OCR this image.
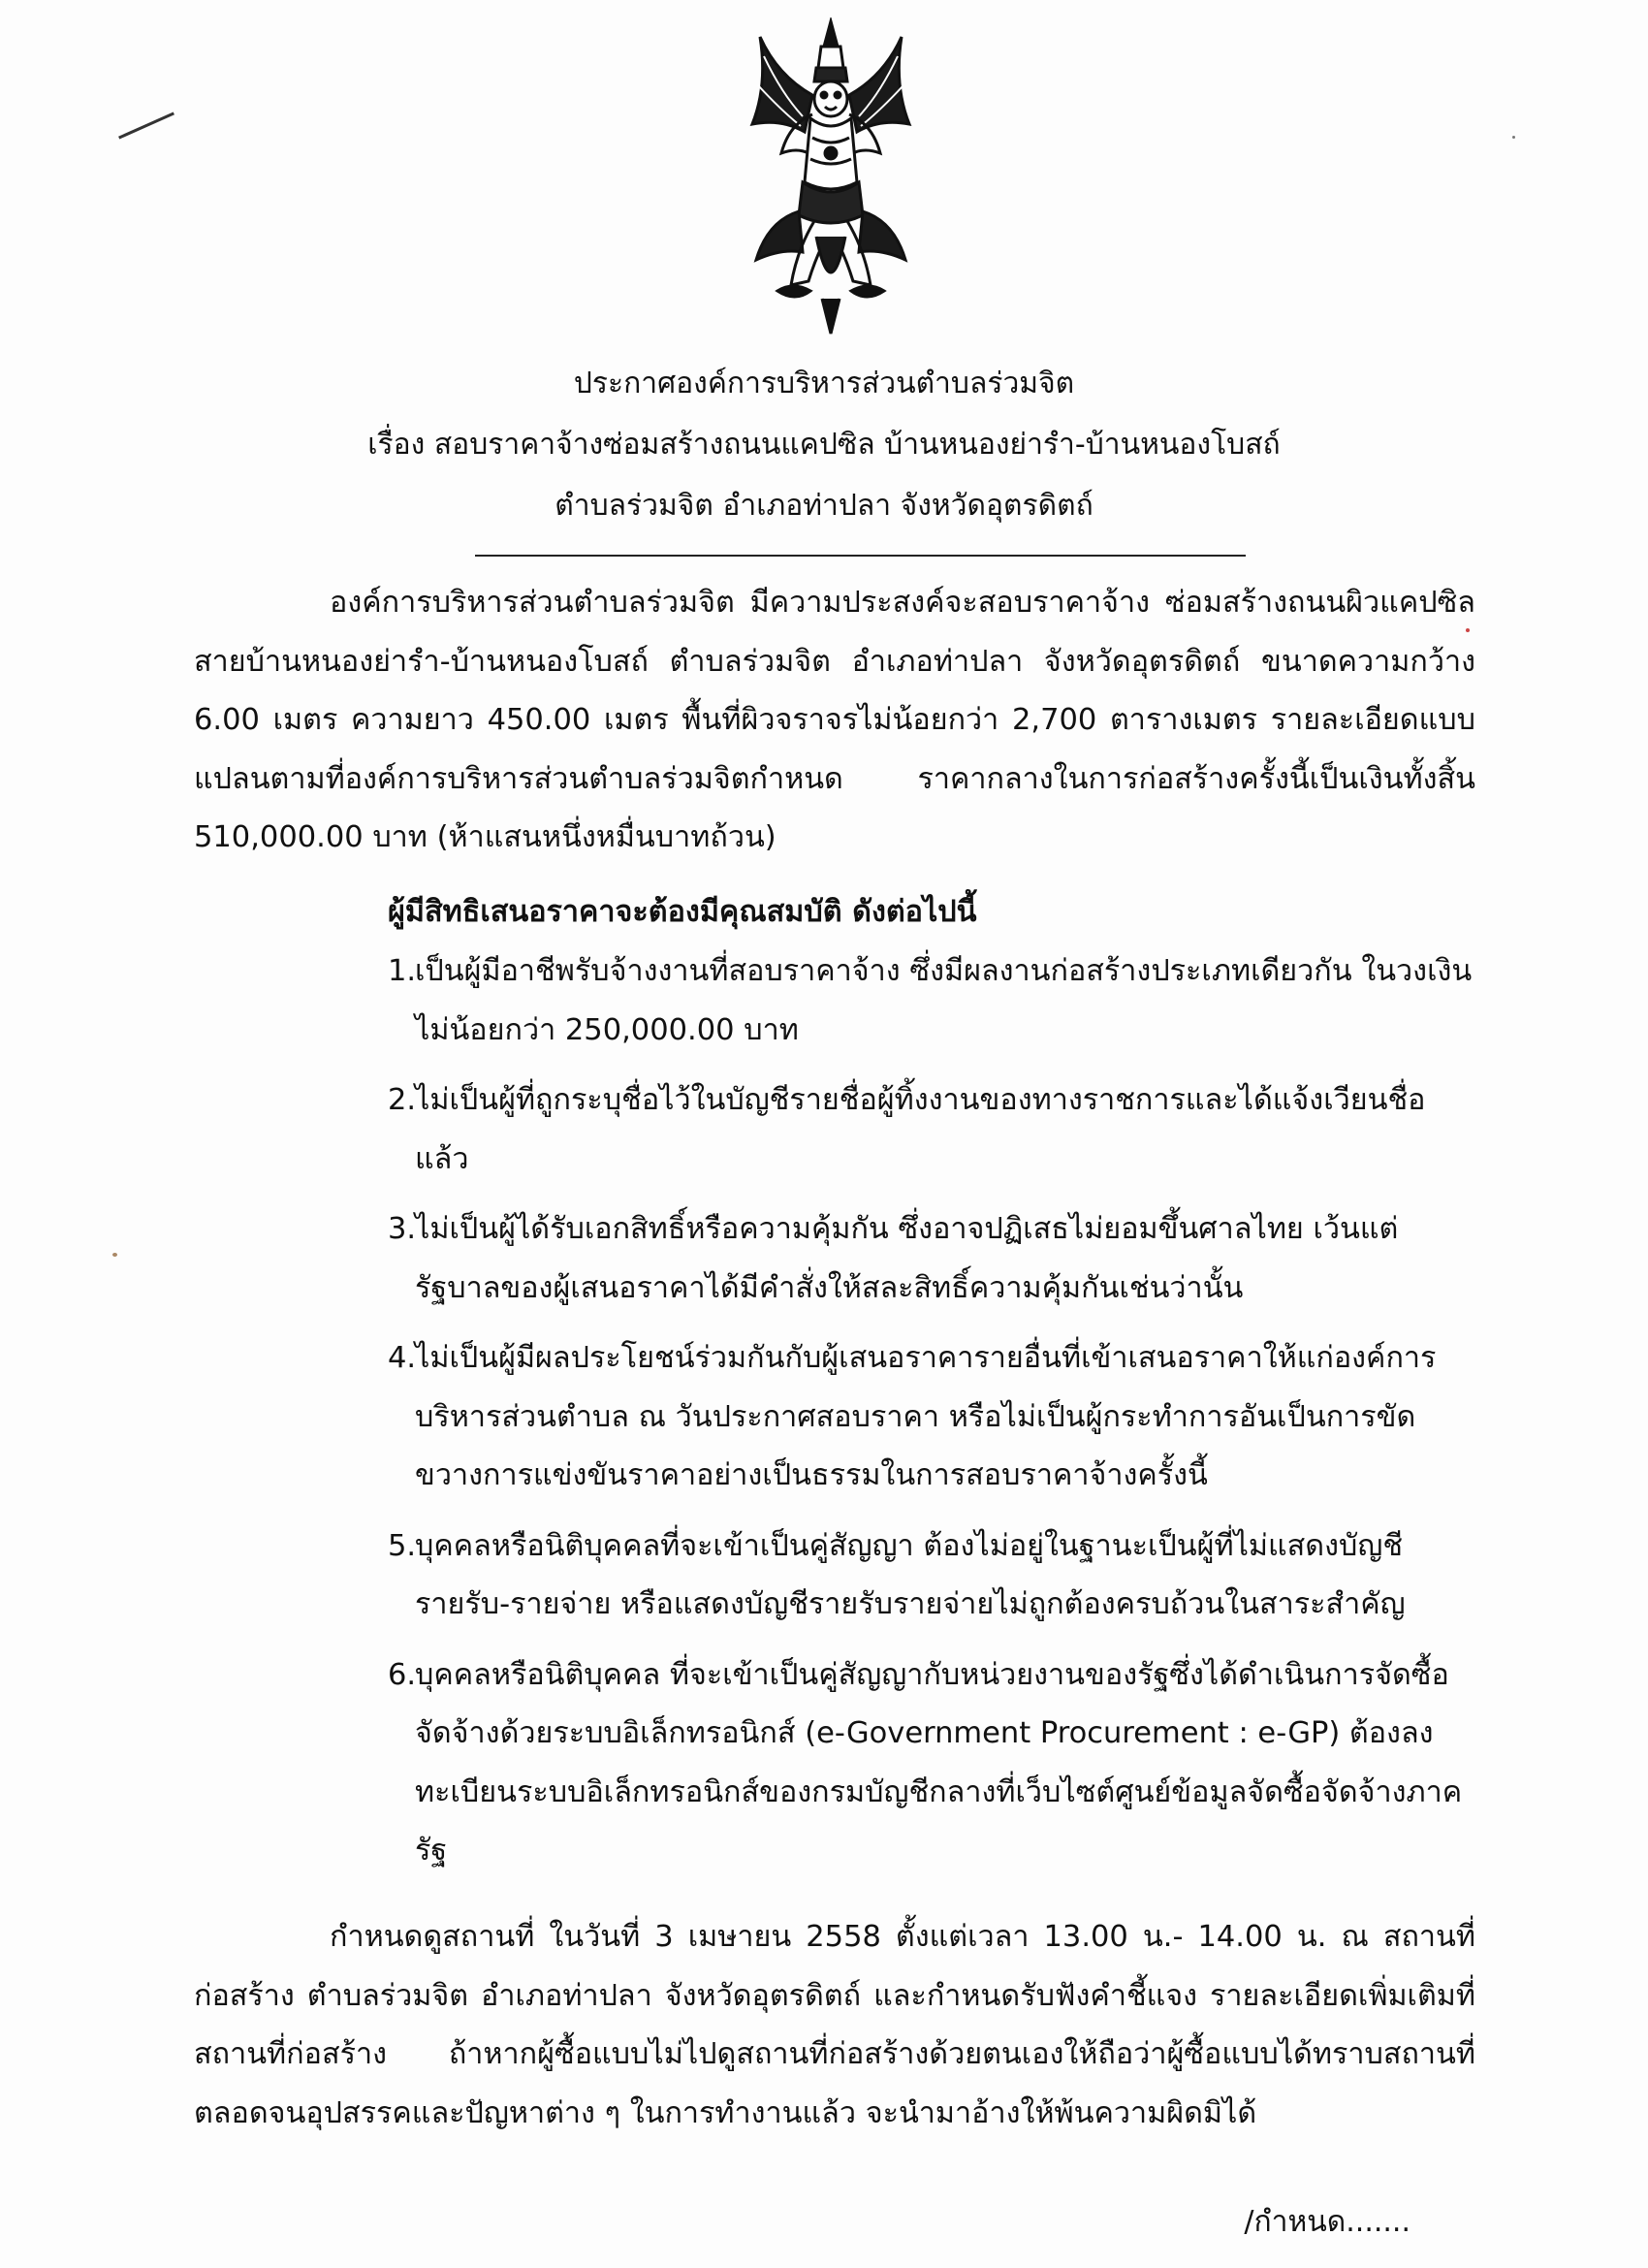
ประกาศองค์การบริหารส่วนตำบลร่วมจิต
เรื่อง สอบราคาจ้างซ่อมสร้างถนนแคปซิล บ้านหนองย่ารำ-บ้านหนองโบสถ์
ตำบลร่วมจิต อำเภอท่าปลา จังหวัดอุตรดิตถ์

องค์การบริหารส่วนตำบลร่วมจิต มีความประสงค์จะสอบราคาจ้าง ซ่อมสร้างถนนผิวแคปซิล สายบ้านหนองย่ารำ-บ้านหนองโบสถ์ ตำบลร่วมจิต อำเภอท่าปลา จังหวัดอุตรดิตถ์ ขนาดความกว้าง 6.00 เมตร ความยาว 450.00 เมตร พื้นที่ผิวจราจรไม่น้อยกว่า 2,700 ตารางเมตร รายละเอียดแบบแปลนตามที่องค์การบริหารส่วนตำบลร่วมจิตกำหนด ราคากลางในการก่อสร้างครั้งนี้เป็นเงินทั้งสิ้น 510,000.00 บาท (ห้าแสนหนึ่งหมื่นบาทถ้วน)

ผู้มีสิทธิเสนอราคาจะต้องมีคุณสมบัติ ดังต่อไปนี้
1.
เป็นผู้มีอาชีพรับจ้างงานที่สอบราคาจ้าง ซึ่งมีผลงานก่อสร้างประเภทเดียวกัน ในวงเงินไม่น้อยกว่า 250,000.00 บาท
2.
ไม่เป็นผู้ที่ถูกระบุชื่อไว้ในบัญชีรายชื่อผู้ทิ้งงานของทางราชการและได้แจ้งเวียนชื่อแล้ว
3.
ไม่เป็นผู้ได้รับเอกสิทธิ์หรือความคุ้มกัน ซึ่งอาจปฏิเสธไม่ยอมขึ้นศาลไทย เว้นแต่รัฐบาลของผู้เสนอราคาได้มีคำสั่งให้สละสิทธิ์ความคุ้มกันเช่นว่านั้น
4.
ไม่เป็นผู้มีผลประโยชน์ร่วมกันกับผู้เสนอราคารายอื่นที่เข้าเสนอราคาให้แก่องค์การบริหารส่วนตำบล ณ วันประกาศสอบราคา หรือไม่เป็นผู้กระทำการอันเป็นการขัดขวางการแข่งขันราคาอย่างเป็นธรรมในการสอบราคาจ้างครั้งนี้
5.
บุคคลหรือนิติบุคคลที่จะเข้าเป็นคู่สัญญา ต้องไม่อยู่ในฐานะเป็นผู้ที่ไม่แสดงบัญชีรายรับ-รายจ่าย หรือแสดงบัญชีรายรับรายจ่ายไม่ถูกต้องครบถ้วนในสาระสำคัญ
6.
บุคคลหรือนิติบุคคล ที่จะเข้าเป็นคู่สัญญากับหน่วยงานของรัฐซึ่งได้ดำเนินการจัดซื้อจัดจ้างด้วยระบบอิเล็กทรอนิกส์ (e-Government Procurement : e-GP) ต้องลงทะเบียนระบบอิเล็กทรอนิกส์ของกรมบัญชีกลางที่เว็บไซต์ศูนย์ข้อมูลจัดซื้อจัดจ้างภาครัฐ

กำหนดดูสถานที่ ในวันที่ 3 เมษายน 2558 ตั้งแต่เวลา 13.00 น.- 14.00 น. ณ สถานที่ก่อสร้าง ตำบลร่วมจิต อำเภอท่าปลา จังหวัดอุตรดิตถ์ และกำหนดรับฟังคำชี้แจง รายละเอียดเพิ่มเติมที่สถานที่ก่อสร้าง ถ้าหากผู้ซื้อแบบไม่ไปดูสถานที่ก่อสร้างด้วยตนเองให้ถือว่าผู้ซื้อแบบได้ทราบสถานที่ตลอดจนอุปสรรคและปัญหาต่าง ๆ ในการทำงานแล้ว จะนำมาอ้างให้พ้นความผิดมิได้

/กำหนด.......
